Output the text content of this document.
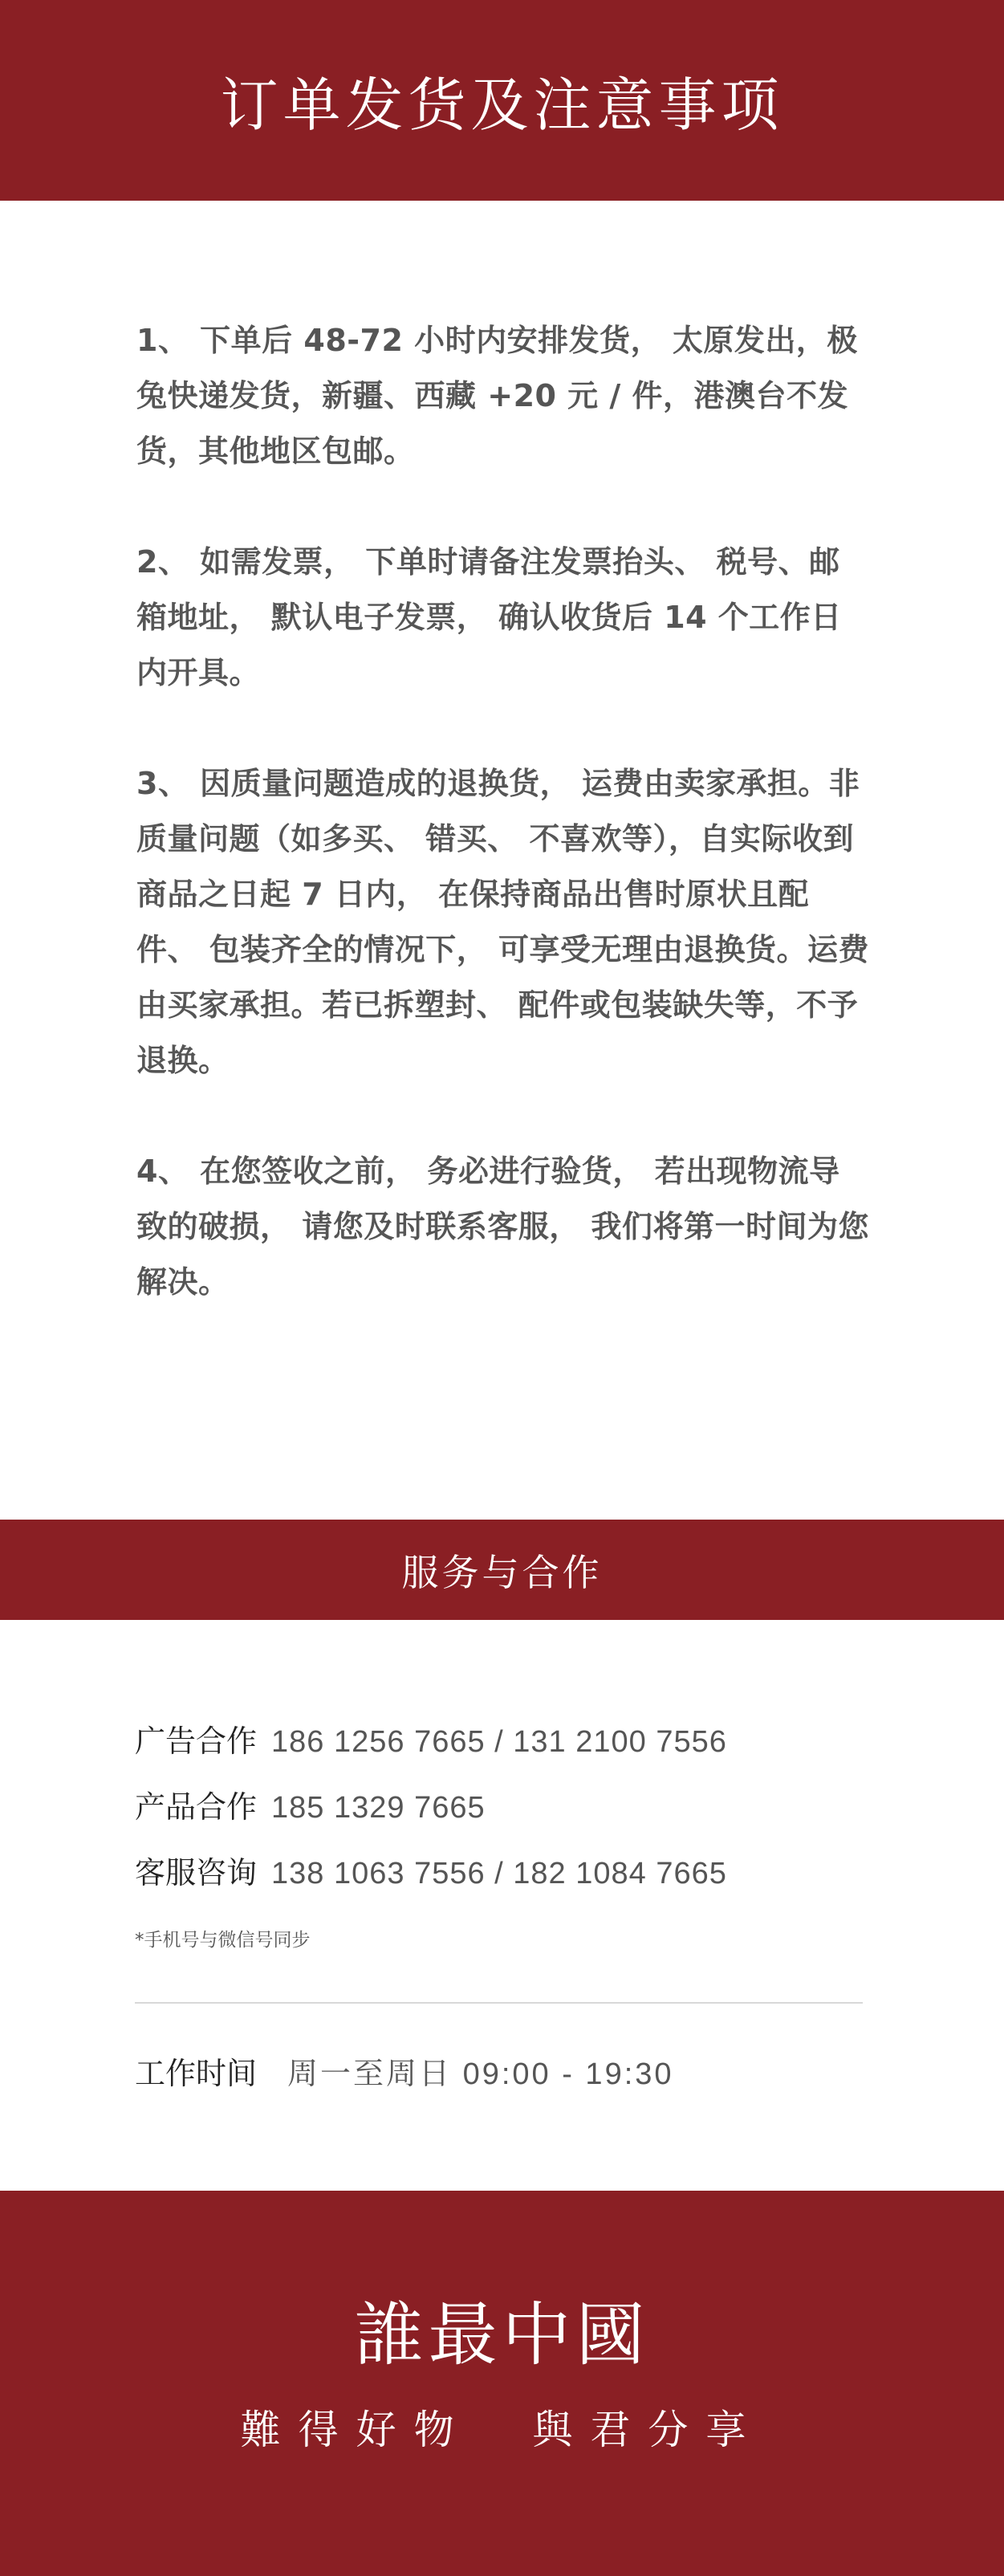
订单发货及注意事项

1、 下单后 48-72 小时内安排发货， 太原发出，极兔快递发货，新疆、西藏 +20 元 / 件，港澳台不发货，其他地区包邮。

2、 如需发票， 下单时请备注发票抬头、 税号、邮箱地址， 默认电子发票， 确认收货后 14 个工作日内开具。

3、 因质量问题造成的退换货， 运费由卖家承担。非质量问题（如多买、 错买、 不喜欢等），自实际收到商品之日起 7 日内， 在保持商品出售时原状且配件、 包装齐全的情况下， 可享受无理由退换货。运费由买家承担。若已拆塑封、 配件或包装缺失等，不予退换。

4、 在您签收之前， 务必进行验货， 若出现物流导致的破损， 请您及时联系客服， 我们将第一时间为您解决。

服务与合作
广告合作 186 1256 7665 / 131 2100 7556
产品合作 185 1329 7665
客服咨询 138 1063 7556 / 182 1084 7665
*手机号与微信号同步
工作时间 周一至周日 09:00 - 19:30
誰最中國
難得好物  與君分享
